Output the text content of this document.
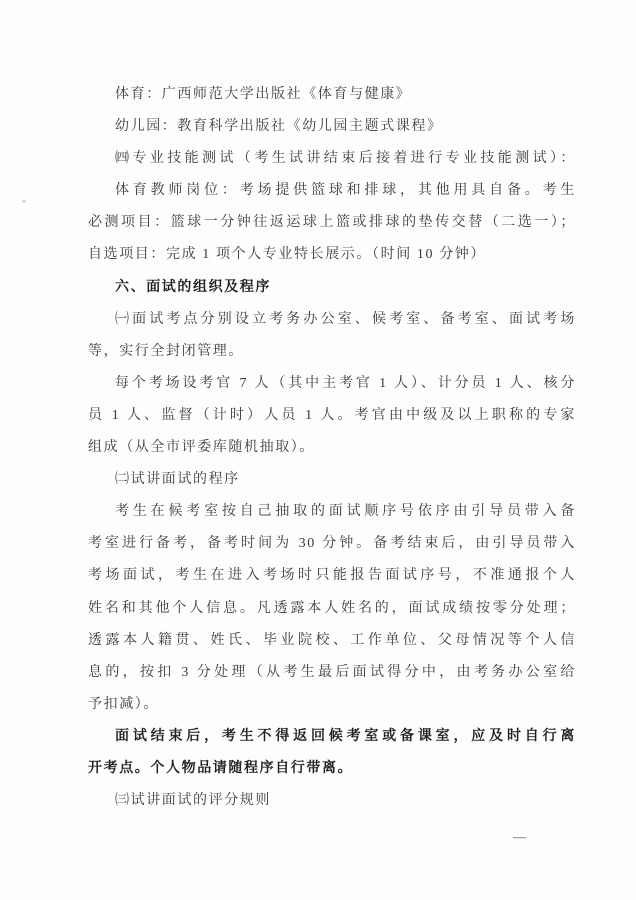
体育：广西师范大学出版社《体育与健康》
幼儿园：教育科学出版社《幼儿园主题式课程》
㈣专业技能测试（考生试讲结束后接着进行专业技能测试）：
体育教师岗位：考场提供篮球和排球，其他用具自备。考生
必测项目：篮球一分钟往返运球上篮或排球的垫传交替（二选一）；
自选项目：完成 1 项个人专业特长展示。（时间 10 分钟）
六、面试的组织及程序
㈠面试考点分别设立考务办公室、候考室、备考室、面试考场
等，实行全封闭管理。
每个考场设考官 7 人（其中主考官 1 人）、计分员 1 人、核分
员 1 人、监督（计时）人员 1 人。考官由中级及以上职称的专家
组成（从全市评委库随机抽取）。
㈡试讲面试的程序
考生在候考室按自己抽取的面试顺序号依序由引导员带入备
考室进行备考，备考时间为 30 分钟。备考结束后，由引导员带入
考场面试，考生在进入考场时只能报告面试序号，不准通报个人
姓名和其他个人信息。凡透露本人姓名的，面试成绩按零分处理；
透露本人籍贯、姓氏、毕业院校、工作单位、父母情况等个人信
息的，按扣 3 分处理（从考生最后面试得分中，由考务办公室给
予扣减）。
面试结束后，考生不得返回候考室或备课室，应及时自行离
开考点。个人物品请随程序自行带离。
㈢试讲面试的评分规则
—
